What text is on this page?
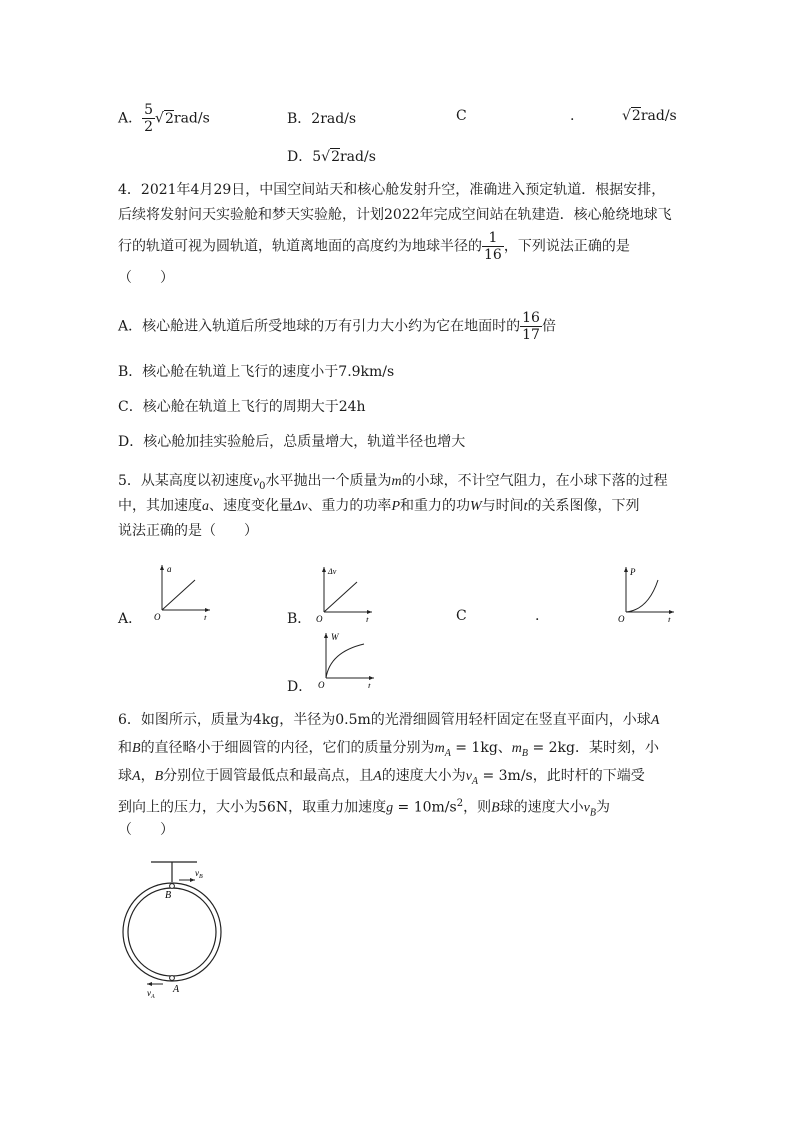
A． $\frac{5}{2} √2rad/s$	B．2rad/s	C	.	√2rad/s
D．5√2rad/s
4．2021年4月29日，中国空间站天和核心舱发射升空，准确进入预定轨道．根据安排，
后续将发射问天实验舱和梦天实验舱，计划2022年完成空间站在轨建造．核心舱绕地球飞
行的轨道可视为圆轨道，轨道离地面的高度约为地球半径的 $\frac{1}{16}$ ，下列说法正确的是
（　　）
A．核心舱进入轨道后所受地球的万有引力大小约为它在地面时的 $\frac{16}{17}$ 倍
B．核心舱在轨道上飞行的速度小于7.9km/s
C．核心舱在轨道上飞行的周期大于24h
D．核心舱加挂实验舱后，总质量增大，轨道半径也增大
5．从某高度以初速度$v_0$水平抛出一个质量为m的小球，不计空气阻力，在小球下落的过程
中，其加速度a、速度变化量Δv、重力的功率P和重力的功W与时间t的关系图像，下列
说法正确的是（　　）
A．	B．	C	.
D．
a
t
O
Δv
t
O
P
t
O
W
t
O
6．如图所示，质量为4kg，半径为0.5m的光滑细圆管用轻杆固定在竖直平面内，小球A
和B的直径略小于细圆管的内径，它们的质量分别为$m_A = 1kg$、$m_B = 2kg$．某时刻，小
球A，B分别位于圆管最低点和最高点，且A的速度大小为$v_A = 3m/s$，此时杆的下端受
到向上的压力，大小为56N，取重力加速度$g = 10m/s^2$，则B球的速度大小$v_B$为
（　　）
$v_B$
B
$v_A$
A
